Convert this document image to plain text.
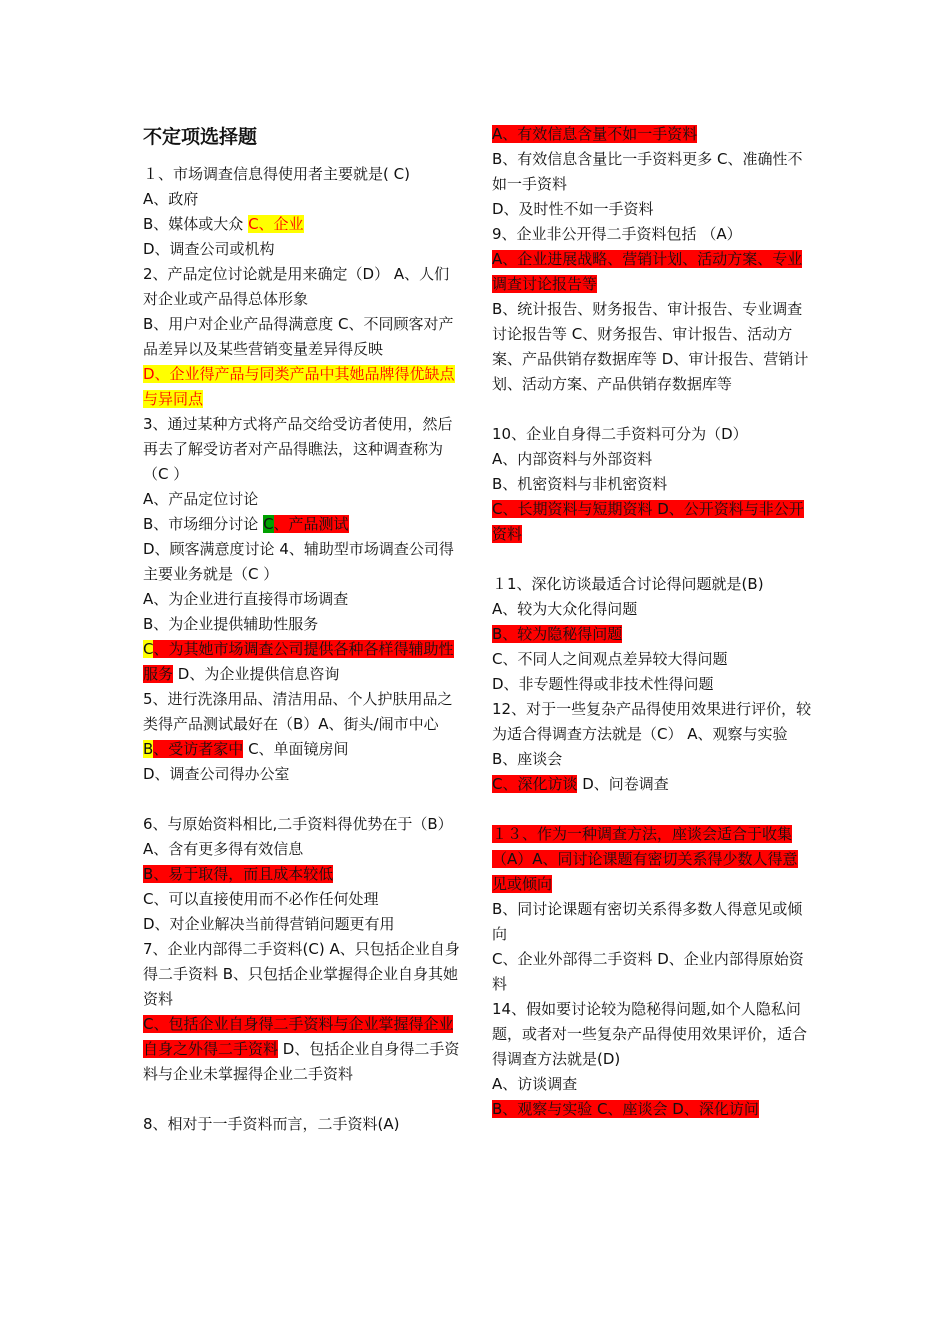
不定项选择题

１、市场调查信息得使用者主要就是( C)

A、政府

B、媒体或大众 C、企业

D、调查公司或机构

2、产品定位讨论就是用来确定（D） A、人们对企业或产品得总体形象

B、用户对企业产品得满意度 C、不同顾客对产品差异以及某些营销变量差异得反映

D、企业得产品与同类产品中其她品牌得优缺点与异同点

3、通过某种方式将产品交给受访者使用，然后再去了解受访者对产品得瞧法，这种调查称为（C ）

A、产品定位讨论

B、市场细分讨论 C、产品测试

D、顾客满意度讨论 4、辅助型市场调查公司得主要业务就是（C ）

A、为企业进行直接得市场调查

B、为企业提供辅助性服务

C、为其她市场调查公司提供各种各样得辅助性服务 D、为企业提供信息咨询

5、进行洗涤用品、清洁用品、个人护肤用品之类得产品测试最好在（B）A、街头/闹市中心

B、受访者家中 C、单面镜房间

D、调查公司得办公室

6、与原始资料相比,二手资料得优势在于（B） A、含有更多得有效信息

B、易于取得，而且成本较低

C、可以直接使用而不必作任何处理

D、对企业解决当前得营销问题更有用

7、企业内部得二手资料(C) A、只包括企业自身得二手资料 B、只包括企业掌握得企业自身其她资料

C、包括企业自身得二手资料与企业掌握得企业自身之外得二手资料 D、包括企业自身得二手资料与企业未掌握得企业二手资料

8、相对于一手资料而言，二手资料(A)

A、有效信息含量不如一手资料

B、有效信息含量比一手资料更多 C、准确性不如一手资料

D、及时性不如一手资料

9、企业非公开得二手资料包括 （A）

A、企业进展战略、营销计划、活动方案、专业调查讨论报告等

B、统计报告、财务报告、审计报告、专业调查讨论报告等 C、财务报告、审计报告、活动方案、产品供销存数据库等 D、审计报告、营销计划、活动方案、产品供销存数据库等

10、企业自身得二手资料可分为（D）

A、内部资料与外部资料

B、机密资料与非机密资料

C、长期资料与短期资料 D、公开资料与非公开资料

１1、深化访谈最适合讨论得问题就是(B)

A、较为大众化得问题

B、较为隐秘得问题

C、不同人之间观点差异较大得问题

D、非专题性得或非技术性得问题

12、对于一些复杂产品得使用效果进行评价，较为适合得调查方法就是（C） A、观察与实验 B、座谈会

C、深化访谈 D、问卷调查

１３、作为一种调查方法，座谈会适合于收集（A）A、同讨论课题有密切关系得少数人得意见或倾向

B、同讨论课题有密切关系得多数人得意见或倾向

C、企业外部得二手资料 D、企业内部得原始资料

14、假如要讨论较为隐秘得问题,如个人隐私问题，或者对一些复杂产品得使用效果评价，适合得调查方法就是(D)

A、访谈调查

B、观察与实验 C、座谈会 D、深化访问
